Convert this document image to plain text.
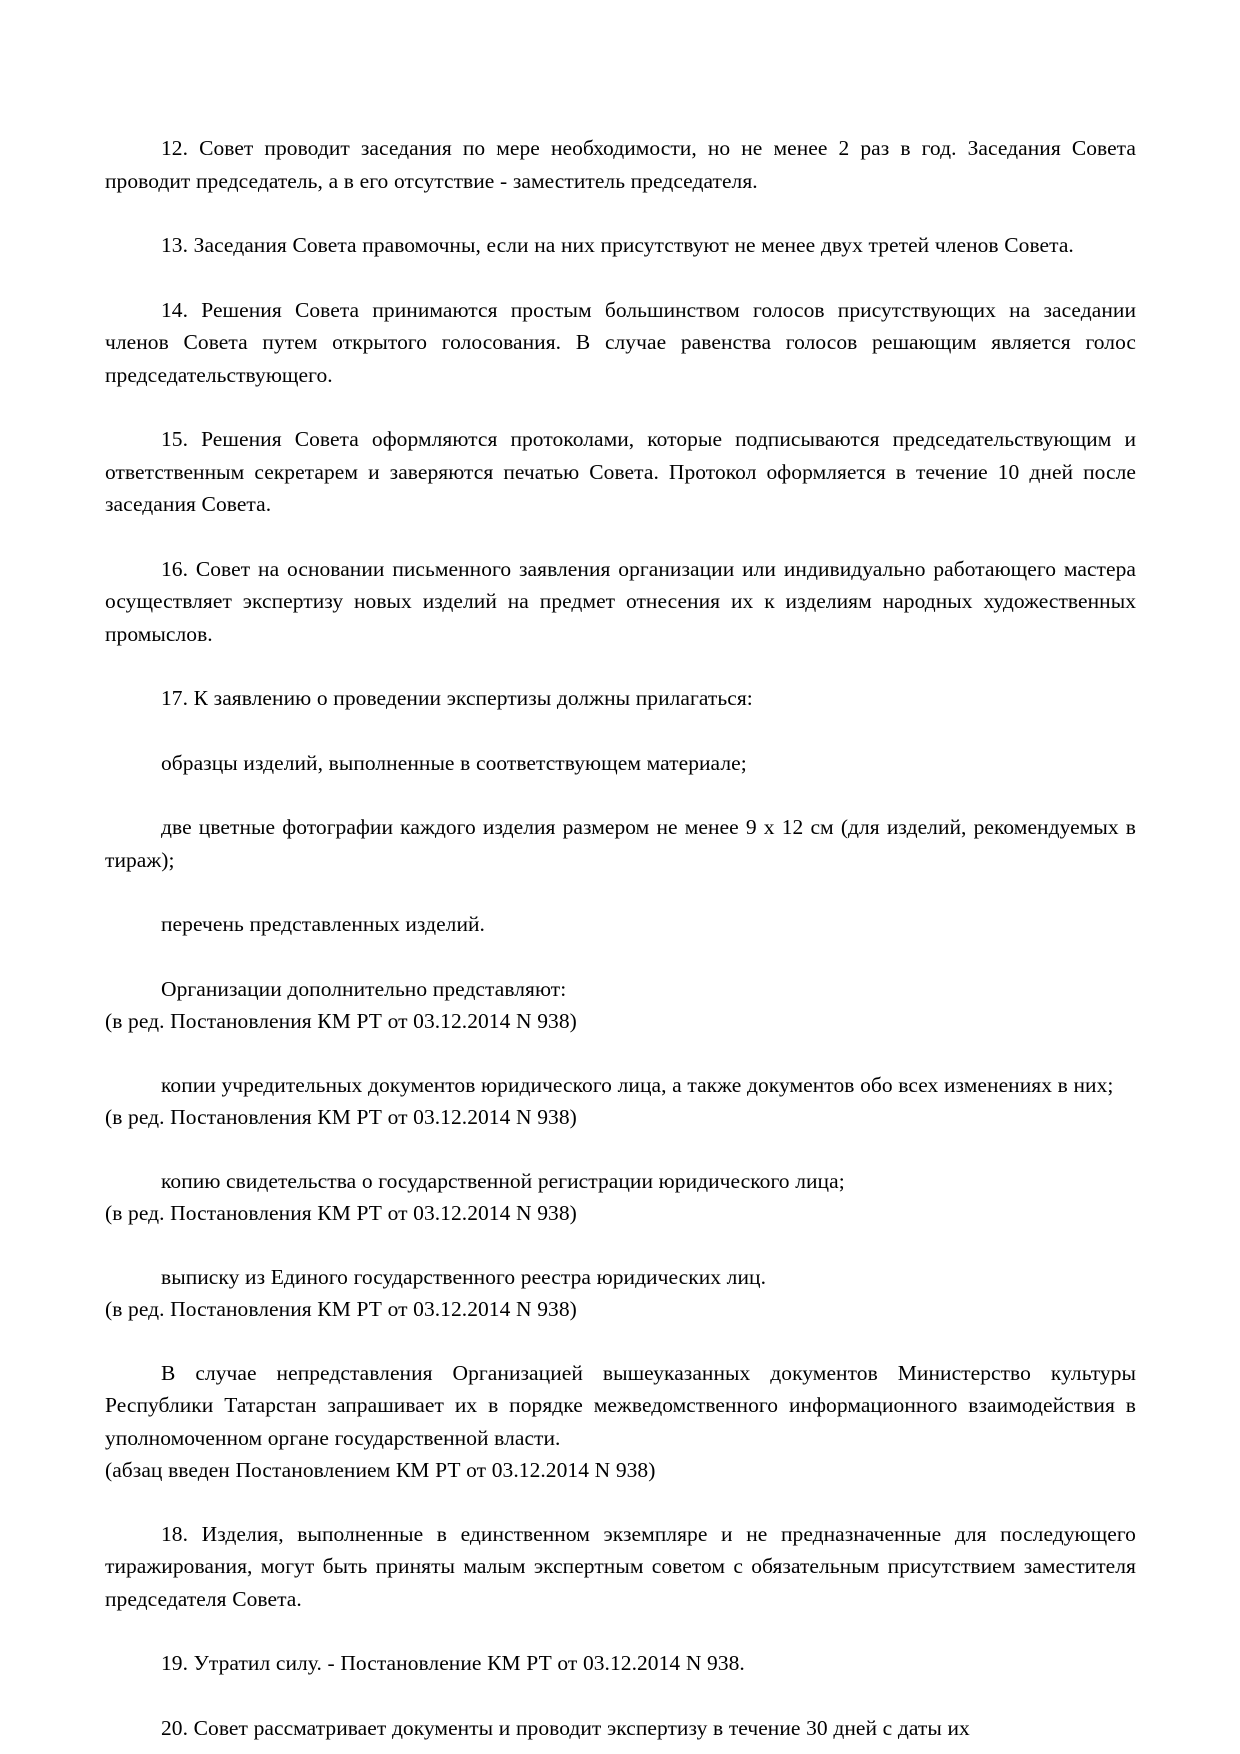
12. Совет проводит заседания по мере необходимости, но не менее 2 раз в год. Заседания Совета проводит председатель, а в его отсутствие - заместитель председателя.

13. Заседания Совета правомочны, если на них присутствуют не менее двух третей членов Совета.

14. Решения Совета принимаются простым большинством голосов присутствующих на заседании членов Совета путем открытого голосования. В случае равенства голосов решающим является голос председательствующего.

15. Решения Совета оформляются протоколами, которые подписываются председательствующим и ответственным секретарем и заверяются печатью Совета. Протокол оформляется в течение 10 дней после заседания Совета.

16. Совет на основании письменного заявления организации или индивидуально работающего мастера осуществляет экспертизу новых изделий на предмет отнесения их к изделиям народных художественных промыслов.

17. К заявлению о проведении экспертизы должны прилагаться:

образцы изделий, выполненные в соответствующем материале;

две цветные фотографии каждого изделия размером не менее 9 х 12 см (для изделий, рекомендуемых в тираж);

перечень представленных изделий.

Организации дополнительно представляют:

(в ред. Постановления КМ РТ от 03.12.2014 N 938)

копии учредительных документов юридического лица, а также документов обо всех изменениях в них;

(в ред. Постановления КМ РТ от 03.12.2014 N 938)

копию свидетельства о государственной регистрации юридического лица;

(в ред. Постановления КМ РТ от 03.12.2014 N 938)

выписку из Единого государственного реестра юридических лиц.

(в ред. Постановления КМ РТ от 03.12.2014 N 938)

В случае непредставления Организацией вышеуказанных документов Министерство культуры Республики Татарстан запрашивает их в порядке межведомственного информационного взаимодействия в уполномоченном органе государственной власти.

(абзац введен Постановлением КМ РТ от 03.12.2014 N 938)

18. Изделия, выполненные в единственном экземпляре и не предназначенные для последующего тиражирования, могут быть приняты малым экспертным советом с обязательным присутствием заместителя председателя Совета.

19. Утратил силу. - Постановление КМ РТ от 03.12.2014 N 938.

20. Совет рассматривает документы и проводит экспертизу в течение 30 дней с даты их
